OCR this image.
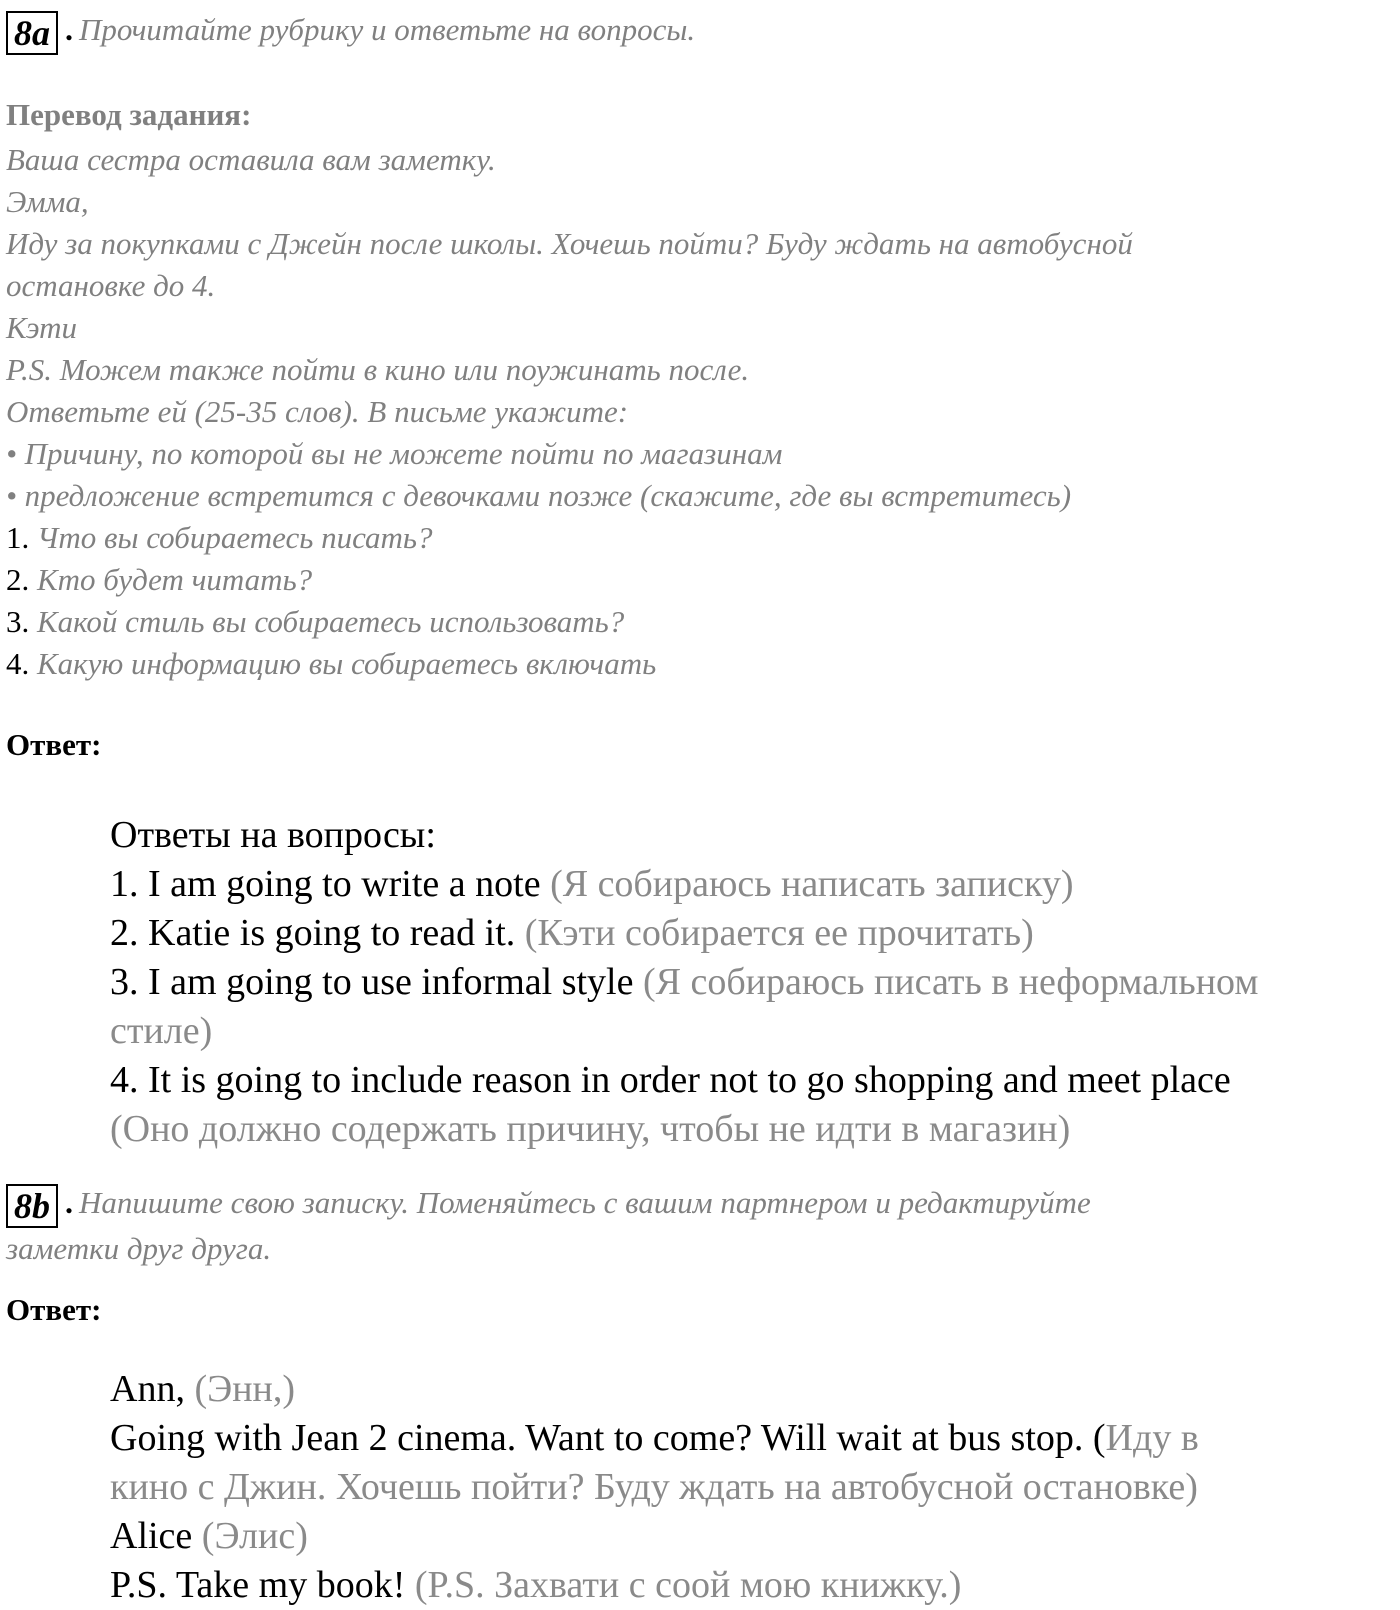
8a . Прочитайте рубрику и ответьте на вопросы.
Перевод задания:
Ваша сестра оставила вам заметку.
Эмма,
Иду за покупками с Джейн после школы. Хочешь пойти? Буду ждать на автобусной
остановке до 4.
Кэти
P.S. Можем также пойти в кино или поужинать после.
Ответьте ей (25-35 слов). В письме укажите:
• Причину, по которой вы не можете пойти по магазинам
• предложение встретится с девочками позже (скажите, где вы встретитесь)
1. Что вы собираетесь писать?
2. Кто будет читать?
3. Какой стиль вы собираетесь использовать?
4. Какую информацию вы собираетесь включать
Ответ:
Ответы на вопросы:
1. I am going to write a note (Я собираюсь написать записку)
2. Katie is going to read it. (Кэти собирается ее прочитать)
3. I am going to use informal style (Я собираюсь писать в неформальном
стиле)
4. It is going to include reason in order not to go shopping and meet place
(Оно должно содержать причину, чтобы не идти в магазин)
8b . Напишите свою записку. Поменяйтесь с вашим партнером и редактируйте
заметки друг друга.
Ответ:
Ann, (Энн,)
Going with Jean 2 cinema. Want to come? Will wait at bus stop. (Иду в
кино с Джин. Хочешь пойти? Буду ждать на автобусной остановке)
Alice (Элис)
P.S. Take my book! (P.S. Захвати с соой мою книжку.)
